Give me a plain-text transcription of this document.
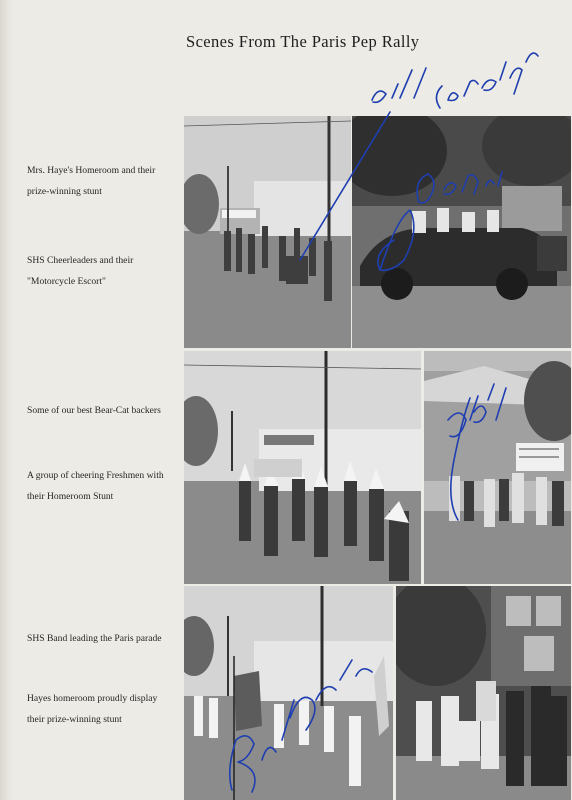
Scenes From The Paris Pep Rally
Mrs. Haye's Homeroom and their prize-winning stunt
SHS Cheerleaders and their "Motorcycle Escort"
Some of our best Bear-Cat backers
A group of cheering Freshmen with their Homeroom Stunt
SHS Band leading the Paris parade
Hayes homeroom proudly display their prize-winning stunt
